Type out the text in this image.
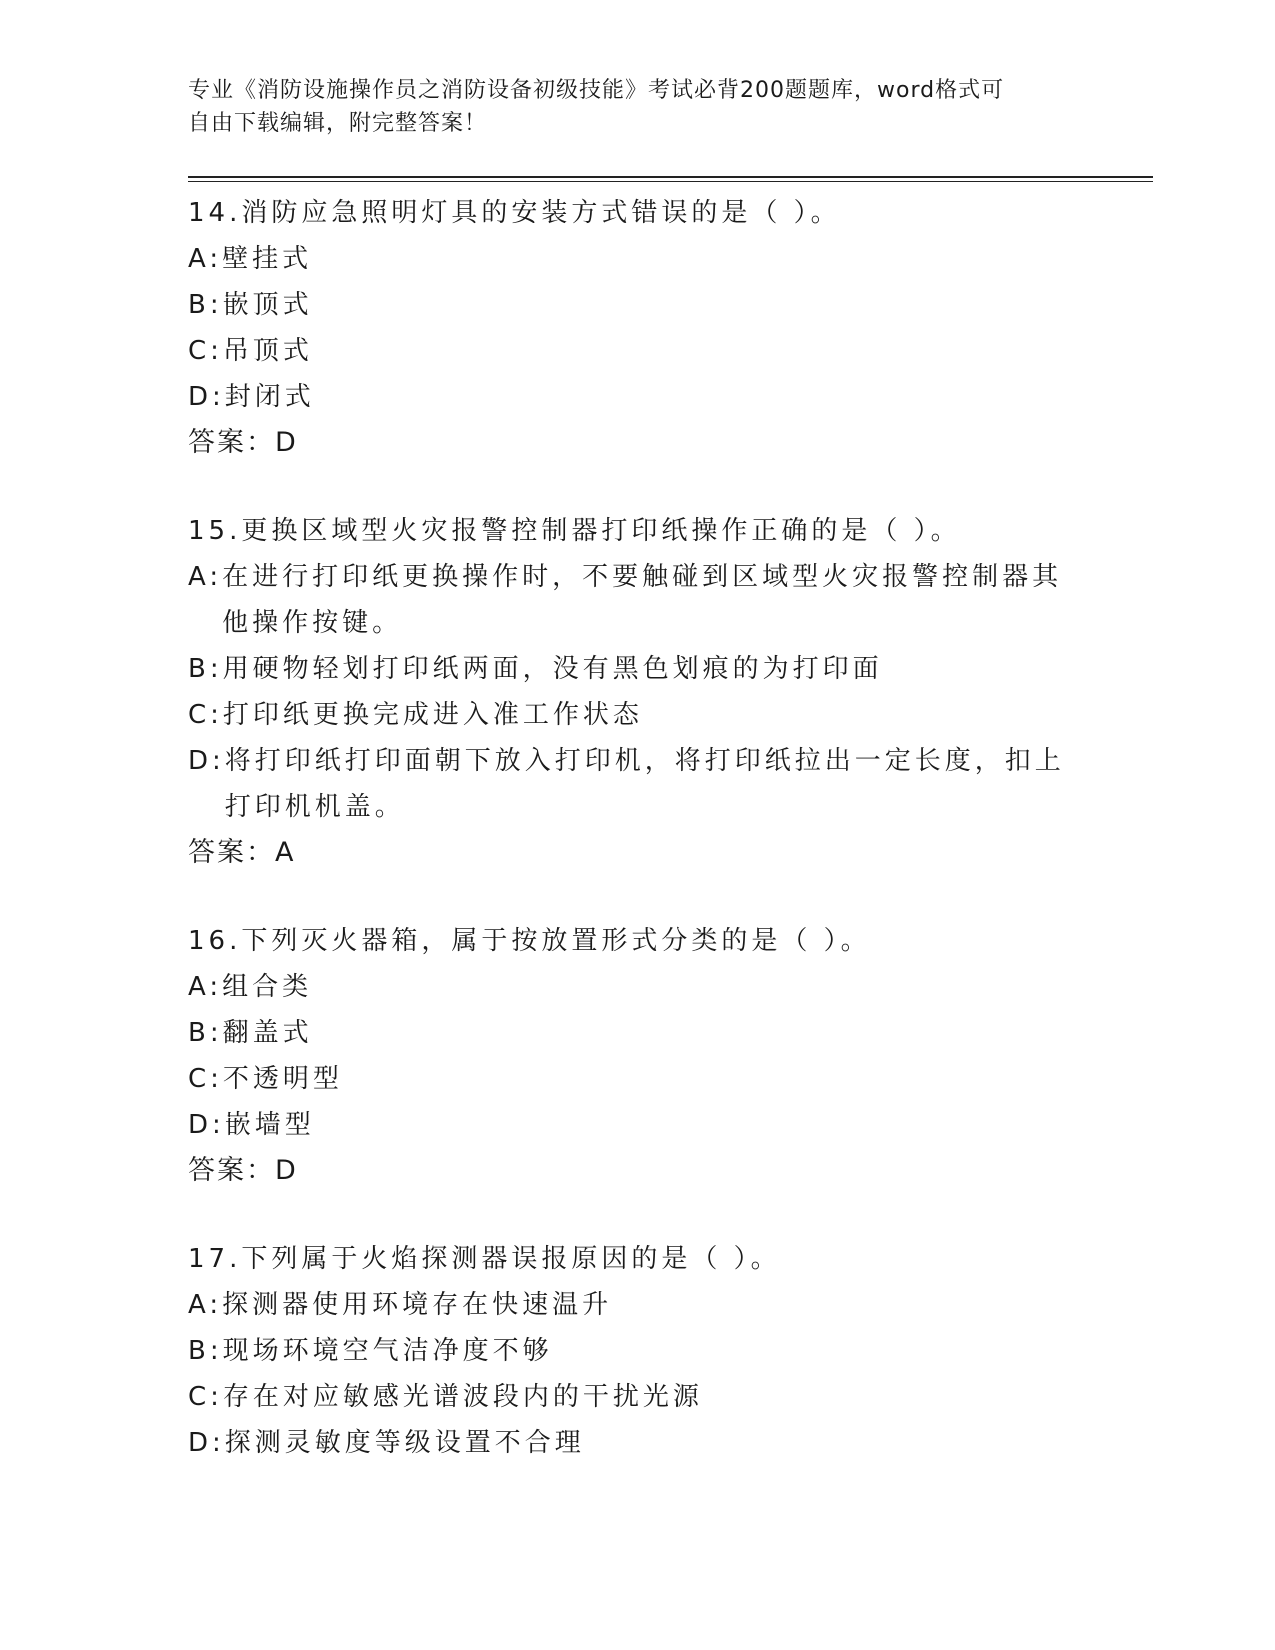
专业《消防设施操作员之消防设备初级技能》考试必背200题题库，word格式可
自由下载编辑，附完整答案！

14.消防应急照明灯具的安装方式错误的是（ ）。

A: 壁挂式

B: 嵌顶式

C: 吊顶式

D: 封闭式

答案：D

15.更换区域型火灾报警控制器打印纸操作正确的是（ ）。

A: 在进行打印纸更换操作时，不要触碰到区域型火灾报警控制器其他操作按键。

B: 用硬物轻划打印纸两面，没有黑色划痕的为打印面

C: 打印纸更换完成进入准工作状态

D: 将打印纸打印面朝下放入打印机，将打印纸拉出一定长度，扣上打印机机盖。

答案：A

16.下列灭火器箱，属于按放置形式分类的是（ ）。

A: 组合类

B: 翻盖式

C: 不透明型

D: 嵌墙型

答案：D

17.下列属于火焰探测器误报原因的是（ ）。

A: 探测器使用环境存在快速温升

B: 现场环境空气洁净度不够

C: 存在对应敏感光谱波段内的干扰光源

D: 探测灵敏度等级设置不合理
